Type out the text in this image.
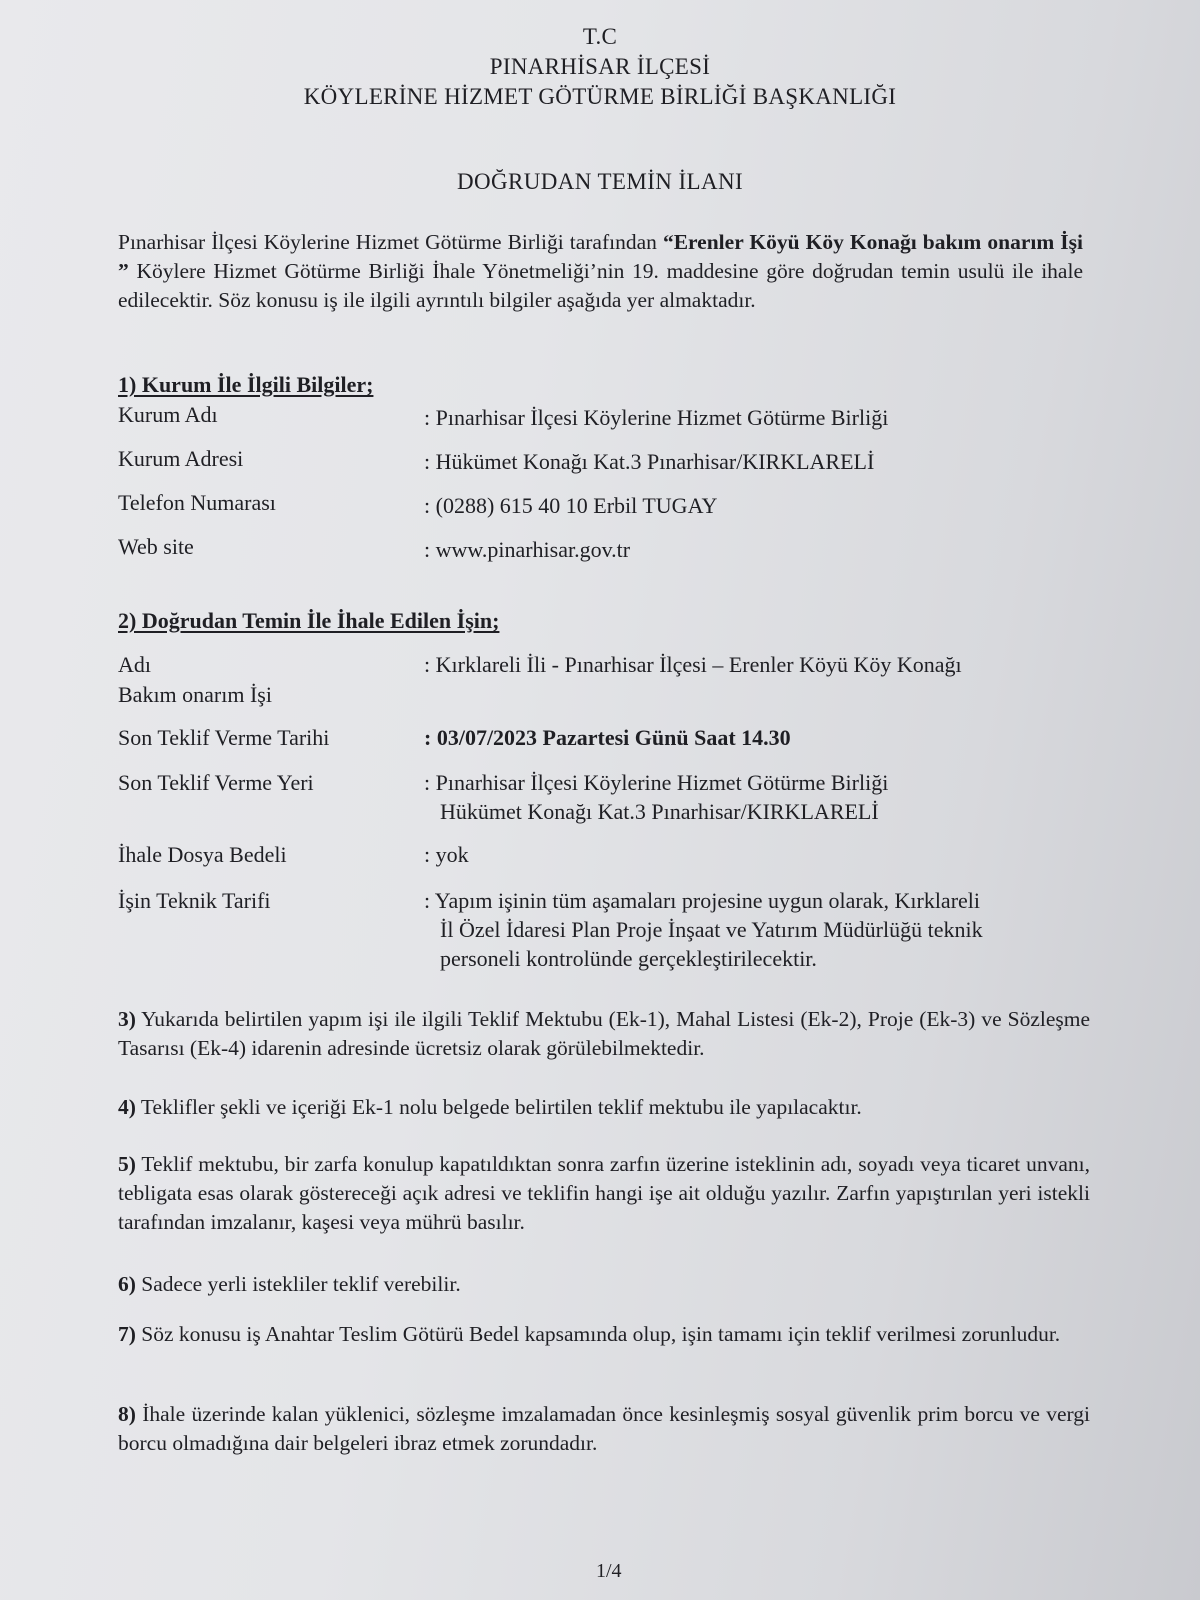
T.C
PINARHİSAR İLÇESİ
KÖYLERİNE HİZMET GÖTÜRME BİRLİĞİ BAŞKANLIĞI
DOĞRUDAN TEMİN İLANI
Pınarhisar İlçesi Köylerine Hizmet Götürme Birliği tarafından “Erenler Köyü Köy Konağı bakım onarım İşi ” Köylere Hizmet Götürme Birliği İhale Yönetmeliği’nin 19. maddesine göre doğrudan temin usulü ile ihale edilecektir. Söz konusu iş ile ilgili ayrıntılı bilgiler aşağıda yer almaktadır.
1) Kurum İle İlgili Bilgiler;
Kurum Adı	: Pınarhisar İlçesi Köylerine Hizmet Götürme Birliği
Kurum Adresi	: Hükümet Konağı Kat.3 Pınarhisar/KIRKLARELİ
Telefon Numarası	: (0288) 615 40 10 Erbil TUGAY
Web site	: www.pinarhisar.gov.tr
2) Doğrudan Temin İle İhale Edilen İşin;
Adı	: Kırklareli İli - Pınarhisar İlçesi – Erenler Köyü Köy Konağı
Bakım onarım İşi
Son Teklif Verme Tarihi	: 03/07/2023 Pazartesi Günü Saat 14.30
Son Teklif Verme Yeri	: Pınarhisar İlçesi Köylerine Hizmet Götürme Birliği
Hükümet Konağı Kat.3 Pınarhisar/KIRKLARELİ
İhale Dosya Bedeli	: yok
İşin Teknik Tarifi	: Yapım işinin tüm aşamaları projesine uygun olarak, Kırklareli
İl Özel İdaresi Plan Proje İnşaat ve Yatırım Müdürlüğü teknik
personeli kontrolünde gerçekleştirilecektir.
3) Yukarıda belirtilen yapım işi ile ilgili Teklif Mektubu (Ek-1), Mahal Listesi (Ek-2), Proje (Ek-3) ve Sözleşme Tasarısı (Ek-4) idarenin adresinde ücretsiz olarak görülebilmektedir.
4) Teklifler şekli ve içeriği Ek-1 nolu belgede belirtilen teklif mektubu ile yapılacaktır.
5) Teklif mektubu, bir zarfa konulup kapatıldıktan sonra zarfın üzerine isteklinin adı, soyadı veya ticaret unvanı, tebligata esas olarak göstereceği açık adresi ve teklifin hangi işe ait olduğu yazılır. Zarfın yapıştırılan yeri istekli tarafından imzalanır, kaşesi veya mührü basılır.
6) Sadece yerli istekliler teklif verebilir.
7) Söz konusu iş Anahtar Teslim Götürü Bedel kapsamında olup, işin tamamı için teklif verilmesi zorunludur.
8) İhale üzerinde kalan yüklenici, sözleşme imzalamadan önce kesinleşmiş sosyal güvenlik prim borcu ve vergi borcu olmadığına dair belgeleri ibraz etmek zorundadır.
1/4
